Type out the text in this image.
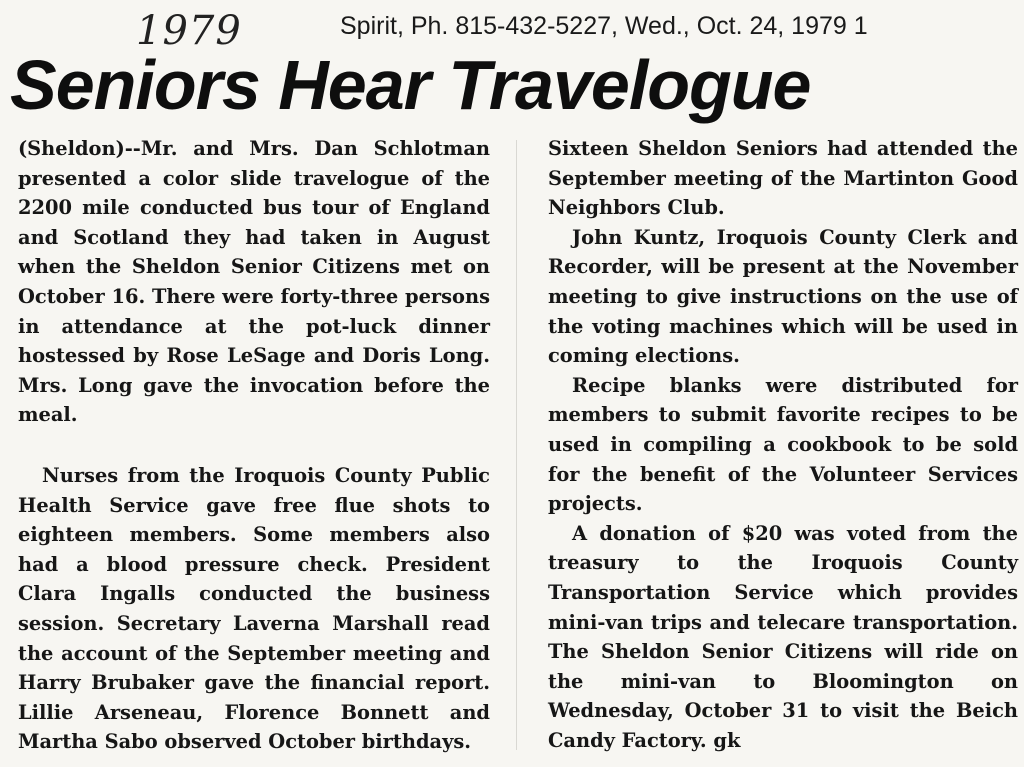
1979	Spirit, Ph. 815-432-5227, Wed., Oct. 24, 1979 1
Seniors Hear Travelogue

(Sheldon)--Mr. and Mrs. Dan Schlotman presented a color slide travelogue of the 2200 mile conducted bus tour of England and Scotland they had taken in August when the Sheldon Senior Citizens met on October 16. There were forty-three persons in attendance at the pot-luck dinner hostessed by Rose LeSage and Doris Long. Mrs. Long gave the invocation before the meal.

Nurses from the Iroquois County Public Health Service gave free flue shots to eighteen members. Some members also had a blood pressure check. President Clara Ingalls conducted the business session. Secretary Laverna Marshall read the account of the September meeting and Harry Brubaker gave the financial report. Lillie Arseneau, Florence Bonnett and Martha Sabo observed October birthdays.

Sixteen Sheldon Seniors had attended the September meeting of the Martinton Good Neighbors Club.

John Kuntz, Iroquois County Clerk and Recorder, will be present at the November meeting to give instructions on the use of the voting machines which will be used in coming elections.

Recipe blanks were distributed for members to submit favorite recipes to be used in compiling a cookbook to be sold for the benefit of the Volunteer Services projects.

A donation of $20 was voted from the treasury to the Iroquois County Transportation Service which provides mini-van trips and telecare transportation. The Sheldon Senior Citizens will ride on the mini-van to Bloomington on Wednesday, October 31 to visit the Beich Candy Factory. gk
